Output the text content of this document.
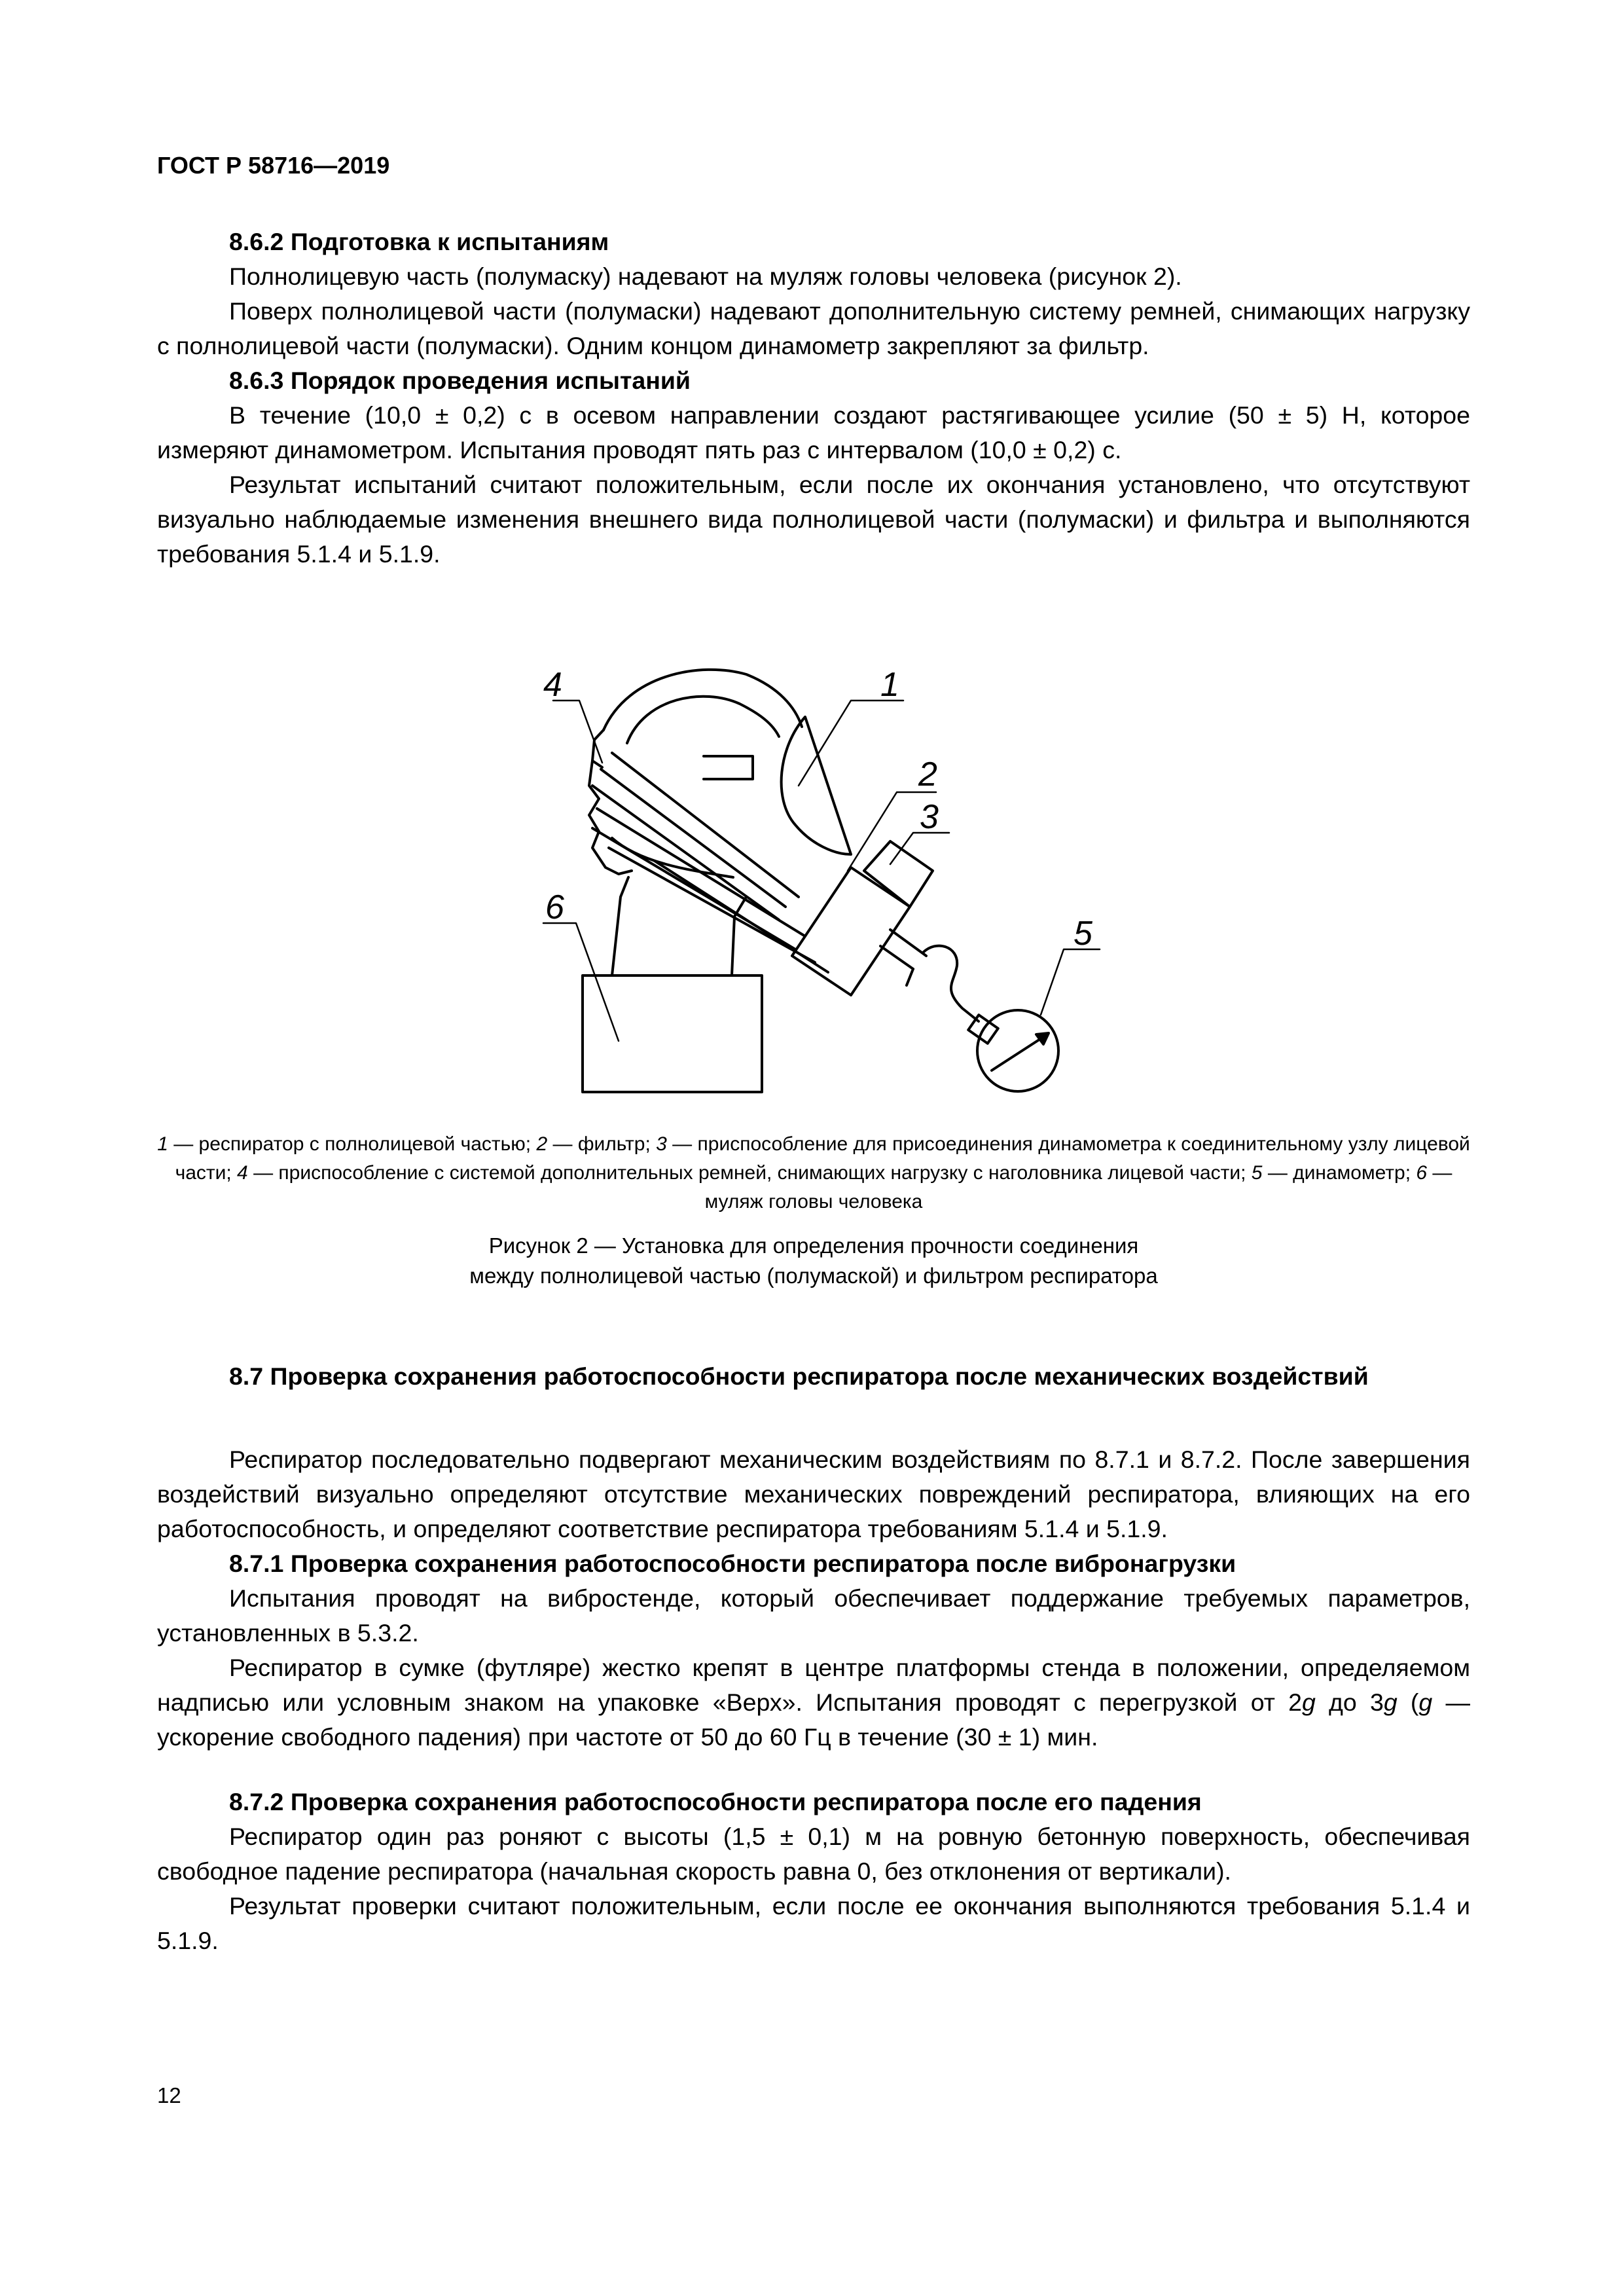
ГОСТ Р 58716—2019

8.6.2 Подготовка к испытаниям

Полнолицевую часть (полумаску) надевают на муляж головы человека (рисунок 2).

Поверх полнолицевой части (полумаски) надевают дополнительную систему ремней, снимающих нагрузку с полнолицевой части (полумаски). Одним концом динамометр закрепляют за фильтр.

8.6.3 Порядок проведения испытаний

В течение (10,0 ± 0,2) с в осевом направлении создают растягивающее усилие (50 ± 5) Н, которое измеряют динамометром. Испытания проводят пять раз с интервалом (10,0 ± 0,2) с.

Результат испытаний считают положительным, если после их окончания установлено, что отсутствуют визуально наблюдаемые изменения внешнего вида полнолицевой части (полумаски) и фильтра и выполняются требования 5.1.4 и 5.1.9.

4	1
2
3
5
6
1 — респиратор с полнолицевой частью; 2 — фильтр; 3 — приспособление для присоединения динамометра к соединительному узлу лицевой части; 4 — приспособление с системой дополнительных ремней, снимающих нагрузку с наголовника лицевой части; 5 — динамометр; 6 — муляж головы человека
Рисунок 2 — Установка для определения прочности соединения
между полнолицевой частью (полумаской) и фильтром респиратора
8.7 Проверка сохранения работоспособности респиратора после механических воздействий

Респиратор последовательно подвергают механическим воздействиям по 8.7.1 и 8.7.2. После завершения воздействий визуально определяют отсутствие механических повреждений респиратора, влияющих на его работоспособность, и определяют соответствие респиратора требованиям 5.1.4 и 5.1.9.

8.7.1 Проверка сохранения работоспособности респиратора после вибронагрузки

Испытания проводят на вибростенде, который обеспечивает поддержание требуемых параметров, установленных в 5.3.2.

Респиратор в сумке (футляре) жестко крепят в центре платформы стенда в положении, определяемом надписью или условным знаком на упаковке «Верх». Испытания проводят с перегрузкой от 2g до 3g (g — ускорение свободного падения) при частоте от 50 до 60 Гц в течение (30 ± 1) мин.

8.7.2 Проверка сохранения работоспособности респиратора после его падения

Респиратор один раз роняют с высоты (1,5 ± 0,1) м на ровную бетонную поверхность, обеспечивая свободное падение респиратора (начальная скорость равна 0, без отклонения от вертикали).

Результат проверки считают положительным, если после ее окончания выполняются требования 5.1.4 и 5.1.9.

12
